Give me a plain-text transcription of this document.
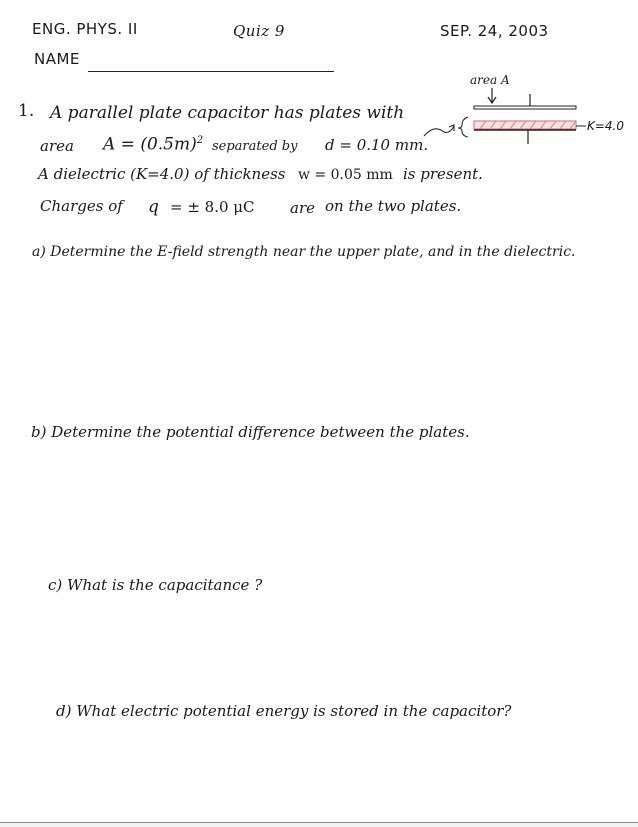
ENG. PHYS. II	Quiz 9	SEP. 24, 2003
NAME
1. A parallel plate capacitor has plates with
area $A = (0.5m)^2$ separated by d = 0.10 mm.
A dielectric (K=4.0) of thickness w = 0.05 mm is present.
Charges of q = ± 8.0 μC are on the two plates.
area A
K=4.0
a) Determine the E-field strength near the upper plate, and in the dielectric.
b) Determine the potential difference between the plates.
c) What is the capacitance ?
d) What electric potential energy is stored in the capacitor?
